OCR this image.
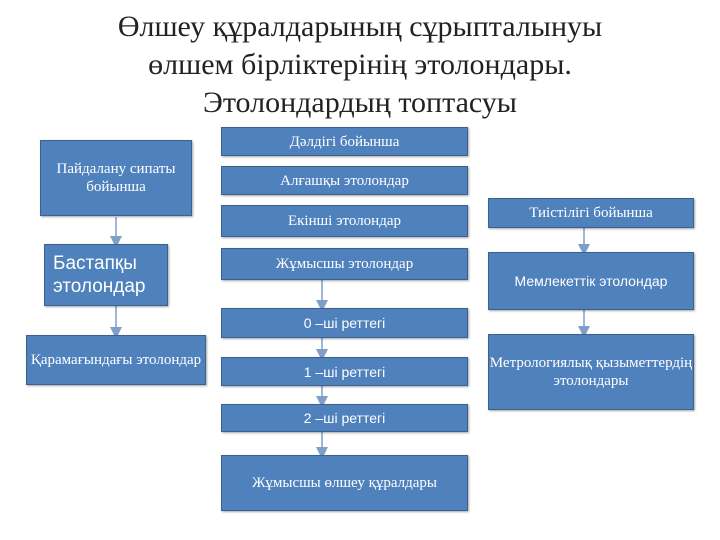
Өлшеу құралдарының сұрыпталынуы
өлшем бірліктерінің этолондары.
Этолондардың топтасуы
Пайдалану сипаты бойынша
Бастапқы этолондар
Қарамағындағы этолондар
Дәлдігі бойынша
Алғашқы этолондар
Екінші этолондар
Жұмысшы этолондар
0 –ші реттегі
1 –ші реттегі
2 –ші реттегі
Жұмысшы өлшеу құралдары
Тиістілігі бойынша
Мемлекеттік этолондар
Метрологиялық қызыметтердің этолондары
